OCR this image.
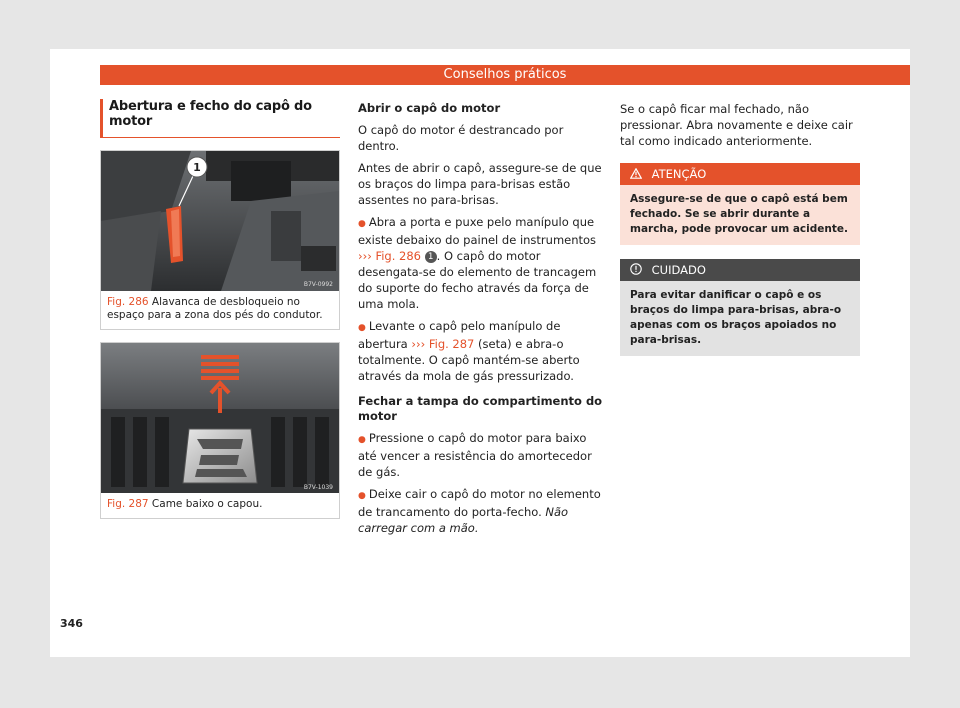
Conselhos práticos
Abertura e fecho do capô do motor
1
B7V-0992
Fig. 286 Alavanca de desbloqueio no espaço para a zona dos pés do condutor.
B7V-1039
Fig. 287 Came baixo o capou.
Abrir o capô do motor

O capô do motor é destrancado por dentro.

Antes de abrir o capô, assegure-se de que os braços do limpa para-brisas estão assentes no para-brisas.

● Abra a porta e puxe pelo manípulo que existe debaixo do painel de instrumentos ››› Fig. 286 1 . O capô do motor desengata-se do elemento de trancagem do suporte do fecho através da força de uma mola.

● Levante o capô pelo manípulo de abertura ››› Fig. 287 (seta) e abra-o totalmente. O capô mantém-se aberto através da mola de gás pressurizado.

Fechar a tampa do compartimento do motor

● Pressione o capô do motor para baixo até vencer a resistência do amortecedor de gás.

● Deixe cair o capô do motor no elemento de trancamento do porta-fecho. Não carregar com a mão.

Se o capô ficar mal fechado, não pressionar. Abra novamente e deixe cair tal como indicado anteriormente.

ATENÇÃO
Assegure-se de que o capô está bem fechado. Se se abrir durante a marcha, pode provocar um acidente.
CUIDADO
Para evitar danificar o capô e os braços do limpa para-brisas, abra-o apenas com os braços apoiados no para-brisas.
346
